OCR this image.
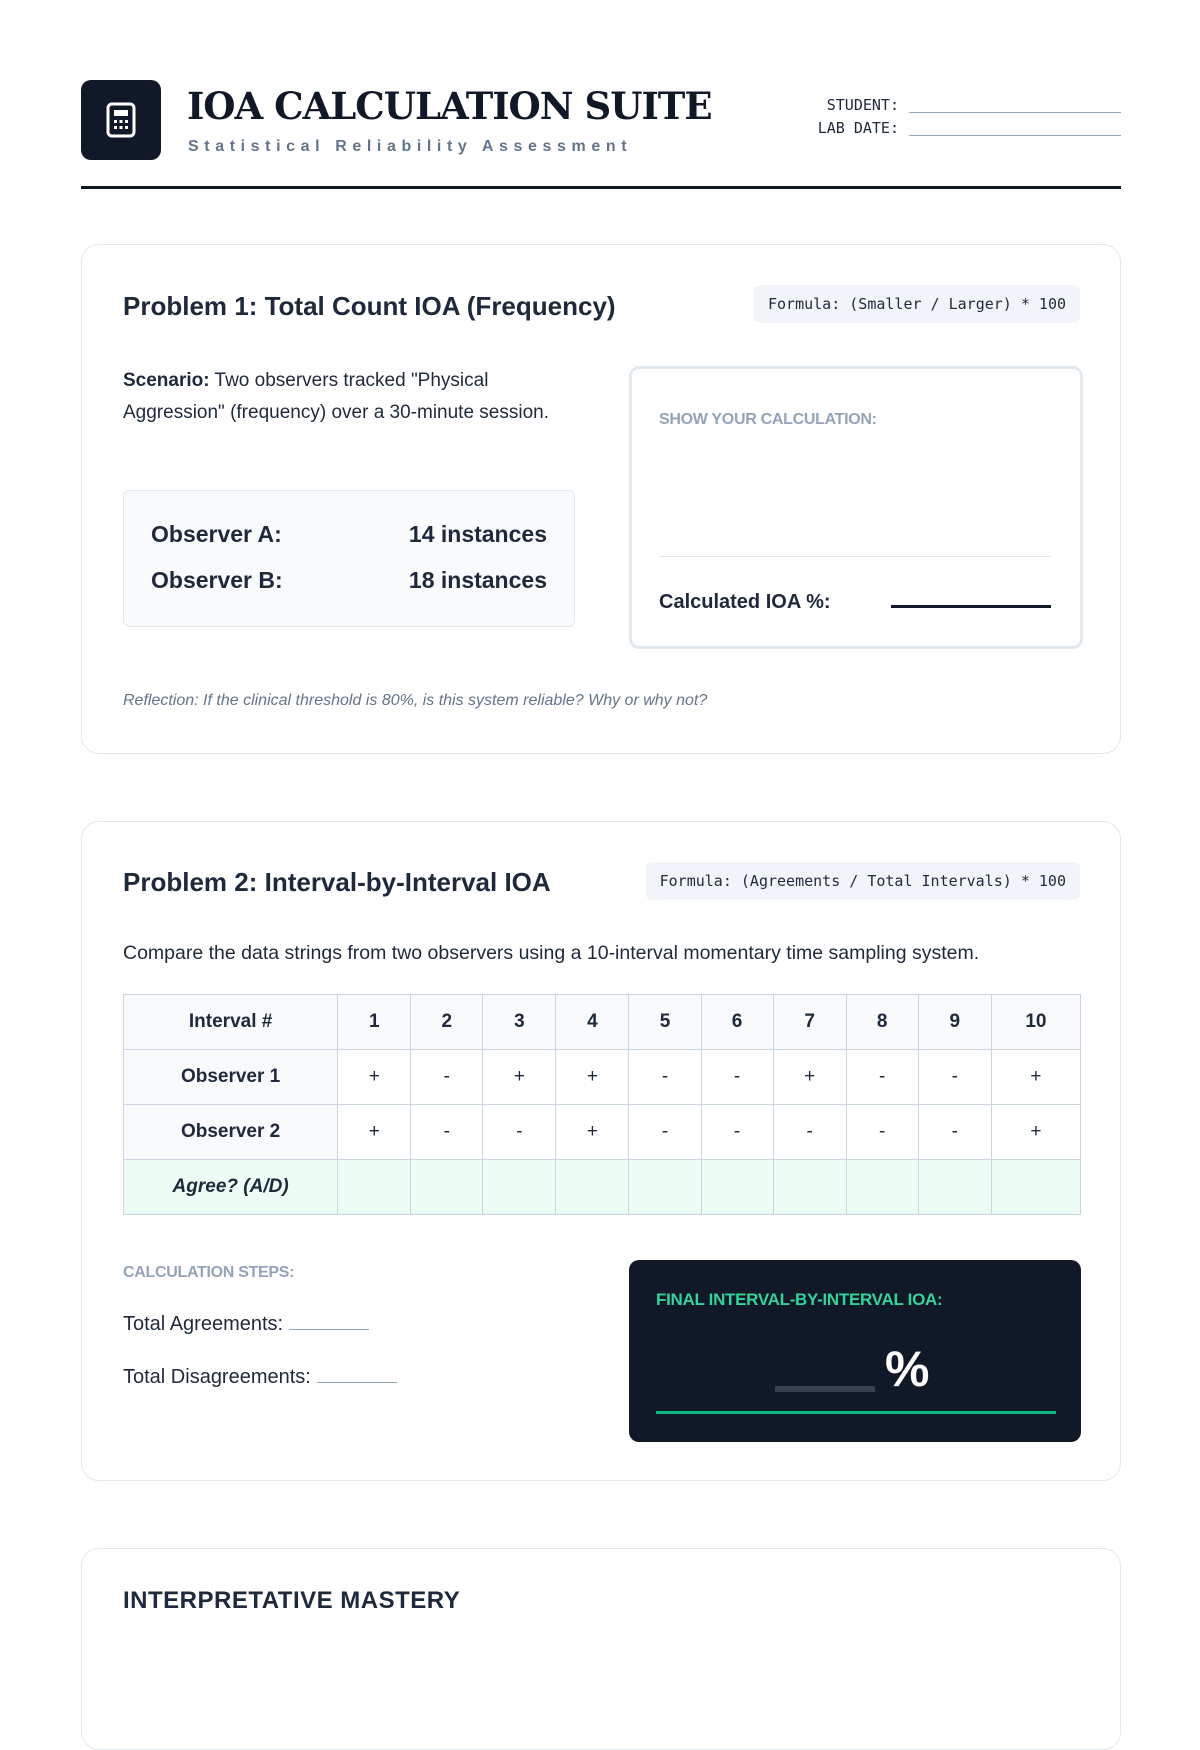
IOA CALCULATION SUITE
Statistical Reliability Assessment
STUDENT:
LAB DATE:
Problem 1: Total Count IOA (Frequency)	Formula: (Smaller / Larger) * 100
Scenario: Two observers tracked "Physical Aggression" (frequency) over a 30-minute session.
Observer A:	14 instances
Observer B:	18 instances
SHOW YOUR CALCULATION:
Calculated IOA %:
Reflection: If the clinical threshold is 80%, is this system reliable? Why or why not?
Problem 2: Interval-by-Interval IOA	Formula: (Agreements / Total Intervals) * 100
Compare the data strings from two observers using a 10-interval momentary time sampling system.
Interval #	1	2	3	4	5	6	7	8	9	10
Observer 1	+	-	+	+	-	-	+	-	-	+
Observer 2	+	-	-	+	-	-	-	-	-	+
Agree? (A/D)										
CALCULATION STEPS:
Total Agreements:
Total Disagreements:
FINAL INTERVAL-BY-INTERVAL IOA:
%
INTERPRETATIVE MASTERY
